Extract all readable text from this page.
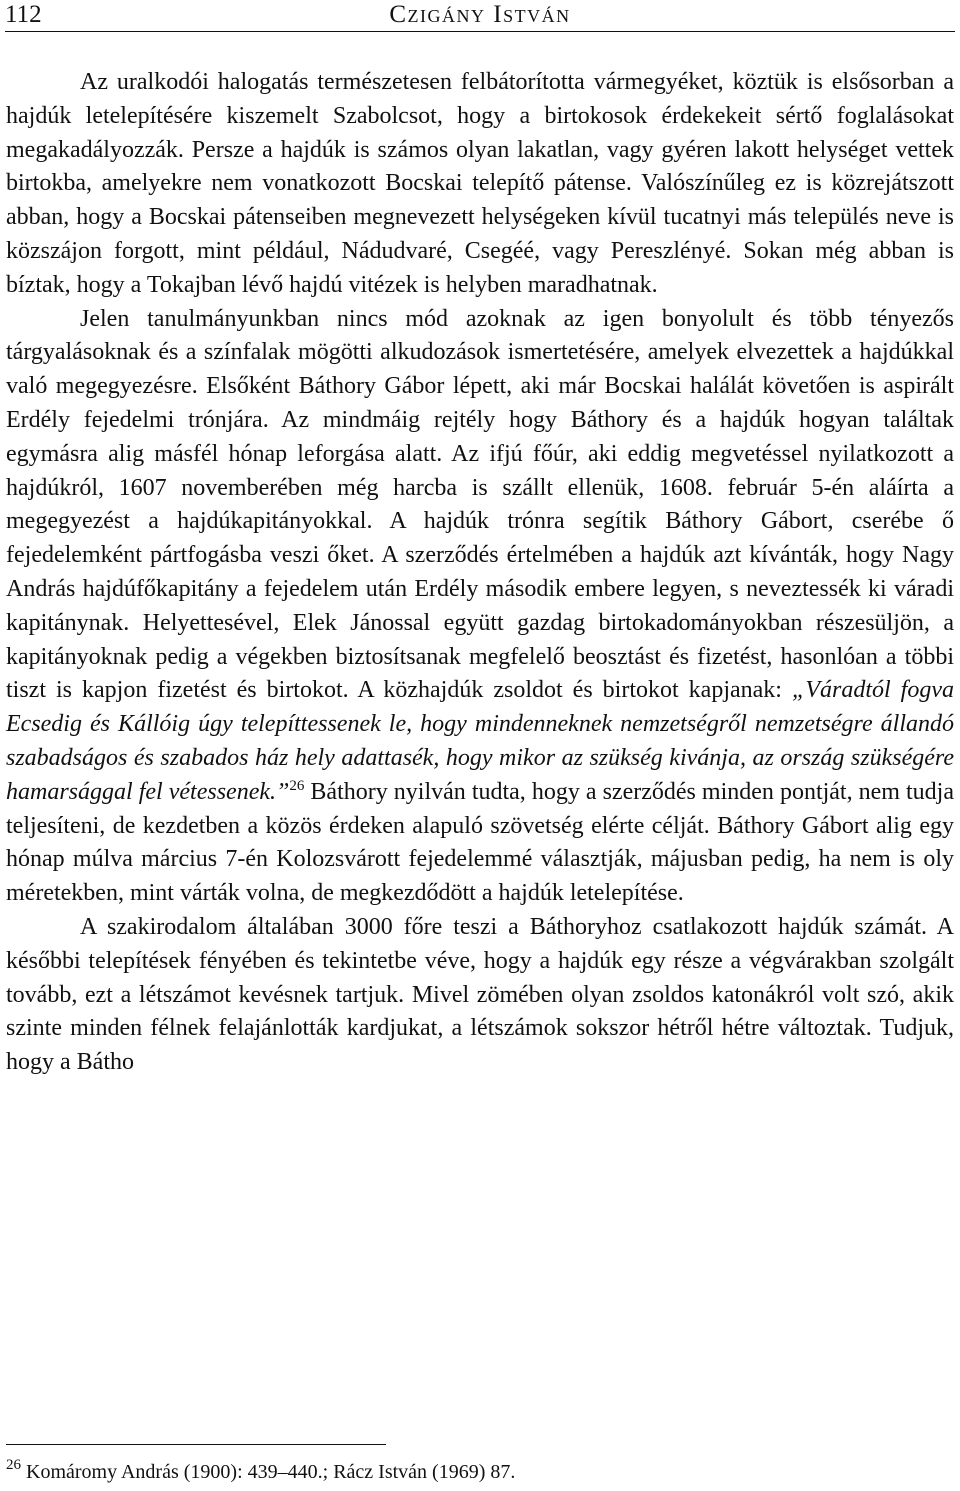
112	Czigány István

Az uralkodói halogatás természetesen felbátorította vármegyéket, köztük is elsősorban a hajdúk letelepítésére kiszemelt Szabolcsot, hogy a birtokosok érdekekeit sértő foglalásokat megakadályozzák. Persze a hajdúk is számos olyan lakatlan, vagy gyéren lakott helységet vettek birtokba, amelyekre nem vonatkozott Bocskai telepítő pátense. Valószínűleg ez is közrejátszott abban, hogy a Bocskai pátenseiben megnevezett helységeken kívül tucatnyi más település neve is közszájon forgott, mint például, Nádudvaré, Csegéé, vagy Pereszlényé. Sokan még abban is bíztak, hogy a Tokajban lévő hajdú vitézek is helyben maradhatnak.

Jelen tanulmányunkban nincs mód azoknak az igen bonyolult és több tényezős tárgyalásoknak és a színfalak mögötti alkudozások ismertetésére, amelyek elvezettek a hajdúkkal való megegyezésre. Elsőként Báthory Gábor lépett, aki már Bocskai halálát követően is aspirált Erdély fejedelmi trónjára. Az mindmáig rejtély hogy Báthory és a hajdúk hogyan találtak egymásra alig másfél hónap leforgása alatt. Az ifjú főúr, aki eddig megvetéssel nyilatkozott a hajdúkról, 1607 novemberében még harcba is szállt ellenük, 1608. február 5-én aláírta a megegyezést a hajdúkapitányokkal. A hajdúk trónra segítik Báthory Gábort, cserébe ő fejedelemként pártfogásba veszi őket. A szerződés értelmében a hajdúk azt kívánták, hogy Nagy András hajdúfőkapitány a fejedelem után Erdély második embere legyen, s neveztessék ki váradi kapitánynak. Helyettesével, Elek Jánossal együtt gazdag birtokadományokban részesüljön, a kapitányoknak pedig a végekben biztosítsanak megfelelő beosztást és fizetést, hasonlóan a többi tiszt is kapjon fizetést és birtokot. A közhajdúk zsoldot és birtokot kapjanak: „Váradtól fogva Ecsedig és Kállóig úgy telepíttessenek le, hogy mindenneknek nemzetségről nemzetségre állandó szabadságos és szabados ház hely adattasék, hogy mikor az szükség kivánja, az ország szükségére hamarsággal fel vétessenek.”$^{26}$ Báthory nyilván tudta, hogy a szerződés minden pontját, nem tudja teljesíteni, de kezdetben a közös érdeken alapuló szövetség elérte célját. Báthory Gábort alig egy hónap múlva március 7-én Kolozsvárott fejedelemmé választják, májusban pedig, ha nem is oly méretekben, mint várták volna, de megkezdődött a hajdúk letelepítése.

A szakirodalom általában 3000 főre teszi a Báthoryhoz csatlakozott hajdúk számát. A későbbi telepítések fényében és tekintetbe véve, hogy a hajdúk egy része a végvárakban szolgált tovább, ezt a létszámot kevésnek tartjuk. Mivel zömében olyan zsoldos katonákról volt szó, akik szinte minden félnek felajánlották kardjukat, a létszámok sokszor hétről hétre változtak. Tudjuk, hogy a Bátho

$^{26}$ Komáromy András (1900): 439–440.; Rácz István (1969) 87.
